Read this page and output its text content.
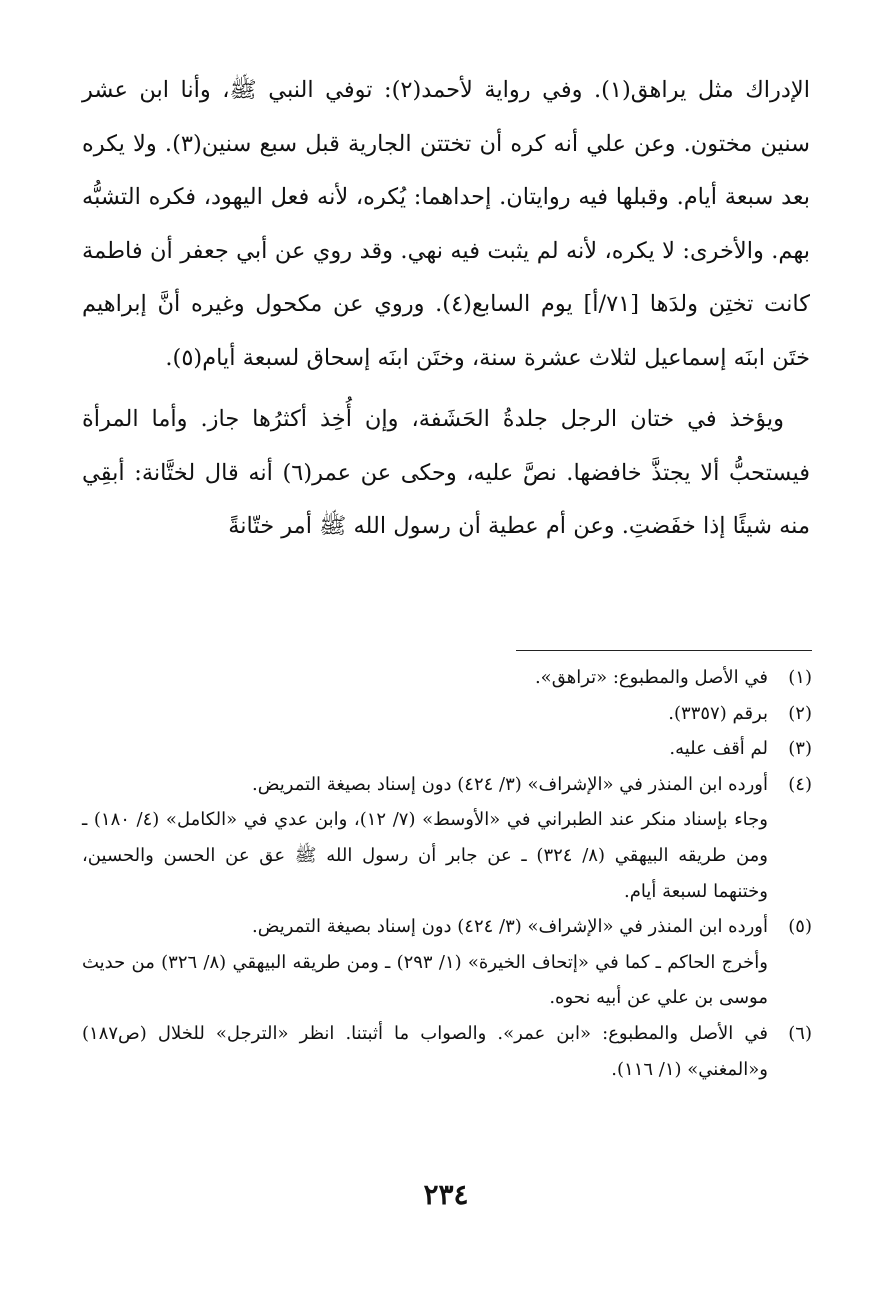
الإدراك مثل يراهق(١). وفي رواية لأحمد(٢): توفي النبي ﷺ، وأنا ابن عشر سنين مختون. وعن علي أنه كره أن تختتن الجارية قبل سبع سنين(٣). ولا يكره بعد سبعة أيام. وقبلها فيه روايتان. إحداهما: يُكره، لأنه فعل اليهود، فكره التشبُّه بهم. والأخرى: لا يكره، لأنه لم يثبت فيه نهي. وقد روي عن أبي جعفر أن فاطمة كانت تختِن ولدَها [٧١/أ] يوم السابع(٤). وروي عن مكحول وغيره أنَّ إبراهيم ختَن ابنَه إسماعيل لثلاث عشرة سنة، وختَن ابنَه إسحاق لسبعة أيام(٥).

ويؤخذ في ختان الرجل جلدةُ الحَشَفة، وإن أُخِذ أكثرُها جاز. وأما المرأة فيستحبُّ ألا يجتذَّ خافضها. نصَّ عليه، وحكى عن عمر(٦) أنه قال لختَّانة: أبقِي منه شيئًا إذا خفَضتِ. وعن أم عطية أن رسول الله ﷺ أمر ختّانةً

(١)
في الأصل والمطبوع: «تراهق».
(٢)
برقم (٣٣٥٧).
(٣)
لم أقف عليه.
(٤)
أورده ابن المنذر في «الإشراف» (٣/ ٤٢٤) دون إسناد بصيغة التمريض.
وجاء بإسناد منكر عند الطبراني في «الأوسط» (٧/ ١٢)، وابن عدي في «الكامل» (٤/ ١٨٠) ـ ومن طريقه البيهقي (٨/ ٣٢٤) ـ عن جابر أن رسول الله ﷺ عق عن الحسن والحسين، وختنهما لسبعة أيام.
(٥)
أورده ابن المنذر في «الإشراف» (٣/ ٤٢٤) دون إسناد بصيغة التمريض.
وأخرج الحاكم ـ كما في «إتحاف الخيرة» (١/ ٢٩٣) ـ ومن طريقه البيهقي (٨/ ٣٢٦) من حديث موسى بن علي عن أبيه نحوه.
(٦)
في الأصل والمطبوع: «ابن عمر». والصواب ما أثبتنا. انظر «الترجل» للخلال (ص١٨٧) و«المغني» (١/ ١١٦).
٢٣٤
